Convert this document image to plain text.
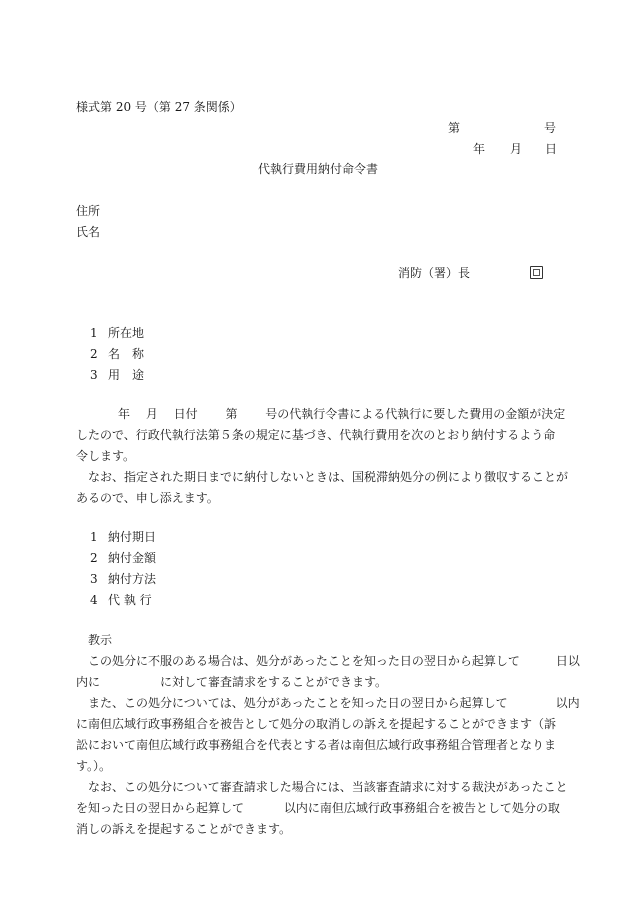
様式第 20 号（第 27 条関係）
第	号
年 月 日
代執行費用納付命令書
住所
氏名
消防（署）長
1 所在地
2 名　称
3 用　途
年　 月　 日付　　 第　　 号の代執行令書による代執行に要した費用の金額が決定
したので、行政代執行法第５条の規定に基づき、代執行費用を次のとおり納付するよう命
令します。
なお、指定された期日までに納付しないときは、国税滞納処分の例により徴収することが
あるので、申し添えます。
1 納付期日
2 納付金額
3 納付方法
4 代 執 行
教示
この処分に不服のある場合は、処分があったことを知った日の翌日から起算して　　　日以
内に　　　　　に対して審査請求をすることができます。
また、この処分については、処分があったことを知った日の翌日から起算して　　　　以内
に南但広域行政事務組合を被告として処分の取消しの訴えを提起することができます（訴
訟において南但広域行政事務組合を代表とする者は南但広域行政事務組合管理者となりま
す。）。
なお、この処分について審査請求した場合には、当該審査請求に対する裁決があったこと
を知った日の翌日から起算して　　　 以内に南但広域行政事務組合を被告として処分の取
消しの訴えを提起することができます。
